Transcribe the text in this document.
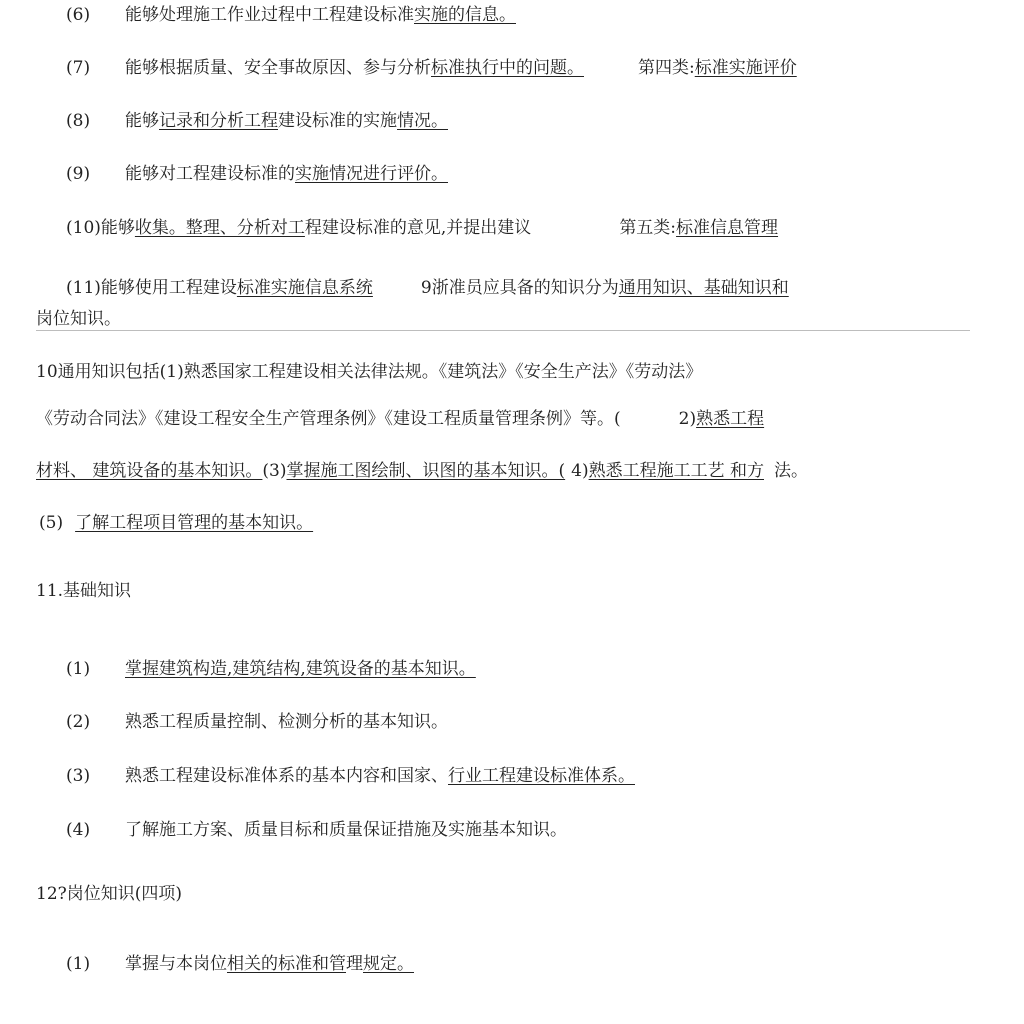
(6) 能够处理施工作业过程中工程建设标准实施的信息。
(7) 能够根据质量、安全事故原因、参与分析标准执行中的问题。	第四类:标准实施评价
(8) 能够记录和分析工程建设标准的实施情况。
(9) 能够对工程建设标准的实施情况进行评价。
(10)能够收集。整理、分析对工程建设标准的意见,并提出建议	第五类:标准信息管理
(11)能够使用工程建设标准实施信息系统	9浙准员应具备的知识分为通用知识、基础知识和
岗位知识。
10通用知识包括(1)熟悉国家工程建设相关法律法规。《建筑法》《安全生产法》《劳动法》
《劳动合同法》《建设工程安全生产管理条例》《建设工程质量管理条例》等。(	2)熟悉工程
材料、 建筑设备的基本知识。(3)掌握施工图绘制、识图的基本知识。( 4)熟悉工程施工工艺 和方 法。
(5) 了解工程项目管理的基本知识。
11.基础知识
(1) 掌握建筑构造,建筑结构,建筑设备的基本知识。
(2) 熟悉工程质量控制、检测分析的基本知识。
(3) 熟悉工程建设标准体系的基本内容和国家、行业工程建设标准体系。
(4) 了解施工方案、质量目标和质量保证措施及实施基本知识。
12?岗位知识(四项)
(1) 掌握与本岗位相关的标准和管理规定。
